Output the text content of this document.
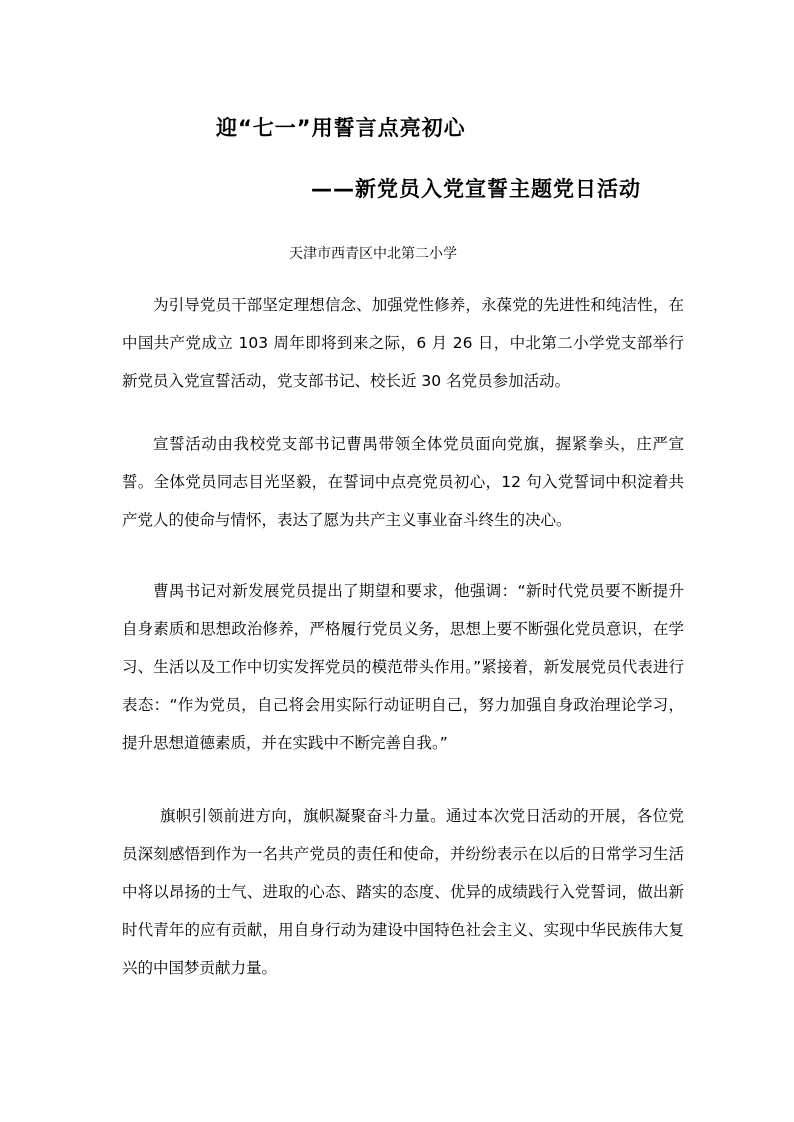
迎“七一”用誓言点亮初心
——新党员入党宣誓主题党日活动
天津市西青区中北第二小学

为引导党员干部坚定理想信念、加强党性修养，永葆党的先进性和纯洁性，在中国共产党成立 103 周年即将到来之际，6 月 26 日，中北第二小学党支部举行新党员入党宣誓活动，党支部书记、校长近 30 名党员参加活动。

宣誓活动由我校党支部书记曹禺带领全体党员面向党旗，握紧拳头，庄严宣誓。全体党员同志目光坚毅，在誓词中点亮党员初心，12 句入党誓词中积淀着共产党人的使命与情怀，表达了愿为共产主义事业奋斗终生的决心。

曹禺书记对新发展党员提出了期望和要求，他强调：“新时代党员要不断提升自身素质和思想政治修养，严格履行党员义务，思想上要不断强化党员意识，在学习、生活以及工作中切实发挥党员的模范带头作用。”紧接着，新发展党员代表进行表态：“作为党员，自己将会用实际行动证明自己，努力加强自身政治理论学习，提升思想道德素质，并在实践中不断完善自我。”

旗帜引领前进方向，旗帜凝聚奋斗力量。通过本次党日活动的开展，各位党员深刻感悟到作为一名共产党员的责任和使命，并纷纷表示在以后的日常学习生活中将以昂扬的士气、进取的心态、踏实的态度、优异的成绩践行入党誓词，做出新时代青年的应有贡献，用自身行动为建设中国特色社会主义、实现中华民族伟大复兴的中国梦贡献力量。
